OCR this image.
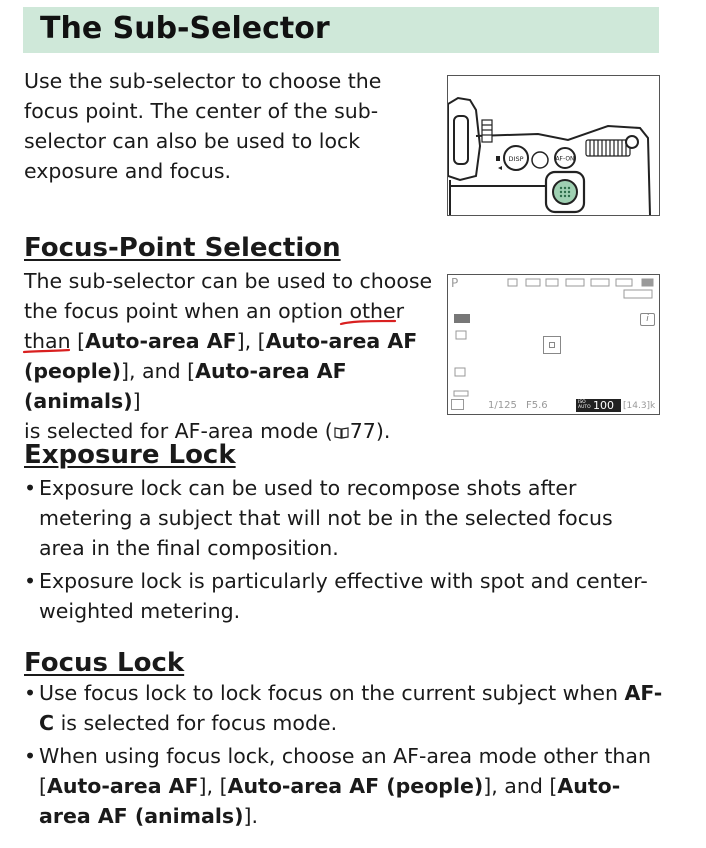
The Sub-Selector

Use the sub-selector to choose the focus point. The center of the sub-selector can also be used to lock exposure and focus.	DISP	AF-ON
Focus-Point Selection
The sub-selector can be used to choose
the focus point when an option other
than [Auto-area AF], [Auto-area AF
(people)], and [Auto-area AF (animals)]
is selected for AF-area mode ( 77).
P
i
1/125 F5.6	ISO AUTO 100 [14.3]k
Exposure Lock
• Exposure lock can be used to recompose shots after metering a subject that will not be in the selected focus area in the final composition.
• Exposure lock is particularly effective with spot and center-weighted metering.
Focus Lock
• Use focus lock to lock focus on the current subject when AF-C is selected for focus mode.
• When using focus lock, choose an AF-area mode other than [Auto-area AF], [Auto-area AF (people)], and [Auto-area AF (animals)].
